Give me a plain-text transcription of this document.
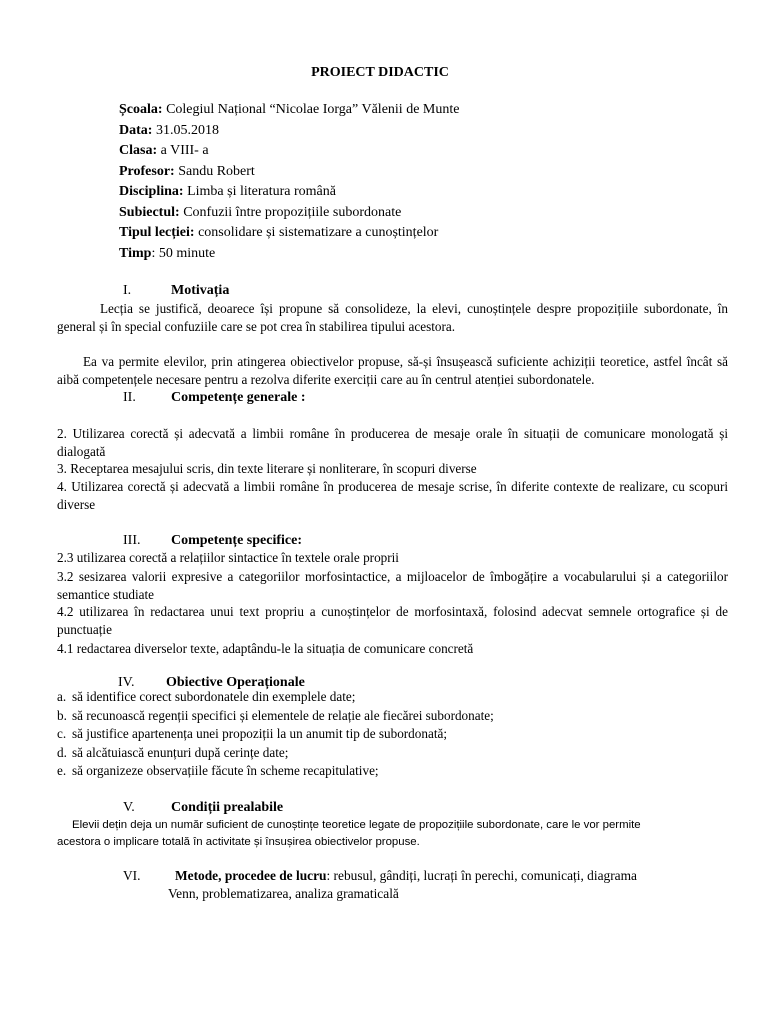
PROIECT DIDACTIC
Școala: Colegiul Național “Nicolae Iorga” Vălenii de Munte
Data: 31.05.2018
Clasa: a VIII- a
Profesor: Sandu Robert
Disciplina: Limba și literatura română
Subiectul: Confuzii între propozițiile subordonate
Tipul lecției: consolidare și sistematizare a cunoștințelor
Timp: 50 minute
I.	Motivația
Lecția se justifică, deoarece își propune să consolideze, la elevi, cunoștințele despre propozițiile subordonate, în general și în special confuziile care se pot crea în stabilirea tipului acestora.
Ea va permite elevilor, prin atingerea obiectivelor propuse, să-și însușească suficiente achiziții teoretice, astfel încât să aibă competențele necesare pentru a rezolva diferite exerciții care au în centrul atenției subordonatele.
II.	Competențe generale :
2. Utilizarea corectă și adecvată a limbii române în producerea de mesaje orale în situații de comunicare monologată și dialogată
3. Receptarea mesajului scris, din texte literare și nonliterare, în scopuri diverse
4. Utilizarea corectă și adecvată a limbii române în producerea de mesaje scrise, în diferite contexte de realizare, cu scopuri diverse
III. Competențe specifice:
2.3 utilizarea corectă a relațiilor sintactice în textele orale proprii
3.2 sesizarea valorii expresive a categoriilor morfosintactice, a mijloacelor de îmbogățire a vocabularului și a categoriilor semantice studiate
4.2 utilizarea în redactarea unui text propriu a cunoștințelor de morfosintaxă, folosind adecvat semnele ortografice și de punctuație
4.1 redactarea diverselor texte, adaptându-le la situația de comunicare concretă
IV. Obiective Operaționale
a. să identifice corect subordonatele din exemplele date;
b. să recunoască regenții specifici și elementele de relație ale fiecărei subordonate;
c. să justifice apartenența unei propoziții la un anumit tip de subordonată;
d. să alcătuiască enunțuri după cerințe date;
e. să organizeze observațiile făcute în scheme recapitulative;
V.	Condiții prealabile
Elevii dețin deja un număr suficient de cunoștințe teoretice legate de propozițiile subordonate, care le vor permite
acestora o implicare totală în activitate și însușirea obiectivelor propuse.
VI.	Metode, procedee de lucru: rebusul, gândiți, lucrați în perechi, comunicați, diagrama
Venn, problematizarea, analiza gramaticală
